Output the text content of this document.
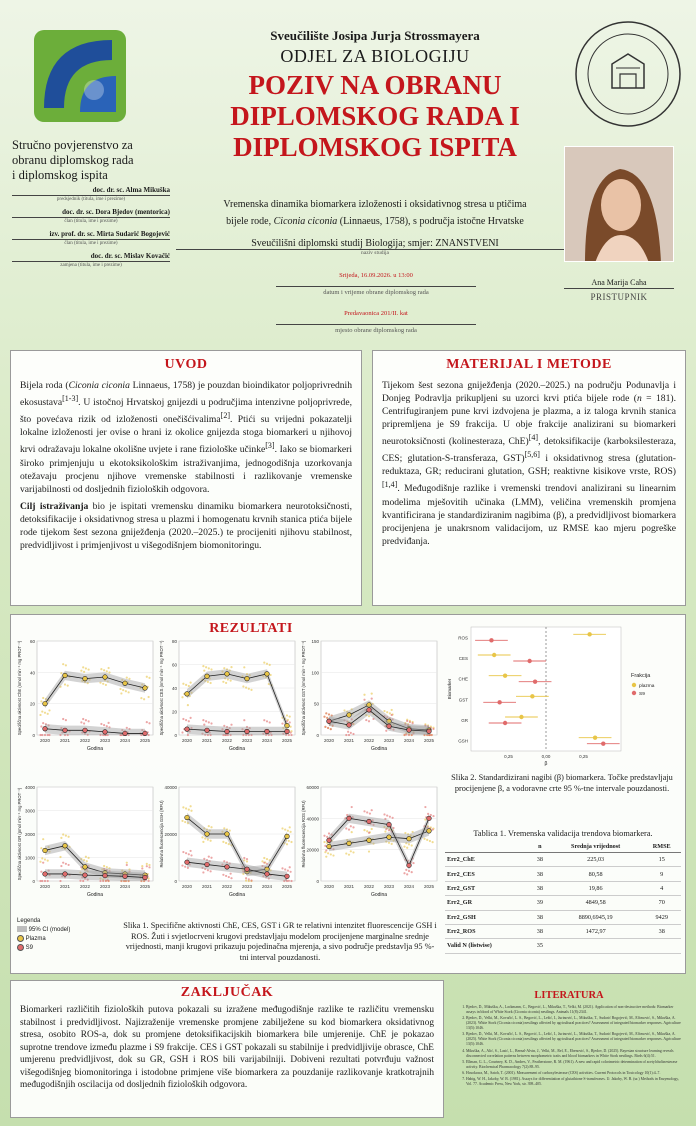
Sveučilište Josipa Jurja Strossmayera
ODJEL ZA BIOLOGIJU
POZIV NA OBRANU
DIPLOMSKOG RADA I
DIPLOMSKOG ISPITA
Stručno povjerenstvo za
obranu diplomskog rada
i diplomskog ispita
doc. dr. sc. Alma Mikuška
predsjednik (titula, ime i prezime)
doc. dr. sc. Dora Bjedov (mentorica)
član (titula, ime i prezime)
izv. prof. dr. sc. Mirta Sudarić Bogojević
član (titula, ime i prezime)
doc. dr. sc. Mislav Kovačić
zamjena (titula, ime i prezime)
Vremenska dinamika biomarkera izloženosti i oksidativnog stresa u ptičima
bijele rode, Ciconia ciconia (Linnaeus, 1758), s područja istočne Hrvatske
Sveučilišni diplomski studij Biologija; smjer: ZNANSTVENI
naziv studija
Srijeda, 16.09.2026. u 13:00
datum i vrijeme obrane diplomskog rada
Predavaonica 201/II. kat
mjesto obrane diplomskog rada
Ana Marija Caha
PRISTUPNIK
UVOD

Bijela roda (Ciconia ciconia Linnaeus, 1758) je pouzdan bioindikator poljoprivrednih ekosustava[1-3]. U istočnoj Hrvatskoj gnijezdi u područjima intenzivne poljoprivrede, što povećava rizik od izloženosti onečišćivalima[2]. Ptići su vrijedni pokazatelji lokalne izloženosti jer ovise o hrani iz okolice gnijezda stoga biomarkeri u njihovoj krvi odražavaju lokalne okolišne uvjete i rane fiziološke učinke[3]. Iako se biomarkeri široko primjenjuju u ekotoksikološkim istraživanjima, jednogodišnja uzorkovanja otežavaju procjenu njihove vremenske stabilnosti i razlikovanje vremenske varijabilnosti od dosljednih fizioloških odgovora.

Cilj istraživanja bio je ispitati vremensku dinamiku biomarkera neurotoksičnosti, detoksifikacije i oksidativnog stresa u plazmi i homogenatu krvnih stanica ptića bijele rode tijekom šest sezona gniježđenja (2020.–2025.) te procijeniti njihovu stabilnost, predvidljivost i primjenjivost u višegodišnjem biomonitoringu.

MATERIJAL I METODE

Tijekom šest sezona gniježđenja (2020.–2025.) na području Podunavlja i Donjeg Podravlja prikupljeni su uzorci krvi ptića bijele rode (n = 181). Centrifugiranjem pune krvi izdvojena je plazma, a iz taloga krvnih stanica pripremljena je S9 frakcija. U obje frakcije analizirani su biomarkeri neurotoksičnosti (kolinesteraza, ChE)[4], detoksifikacije (karboksilesteraza, CES; glutation-S-transferaza, GST)[5,6] i oksidativnog stresa (glutation-reduktaza, GR; reducirani glutation, GSH; reaktivne kisikove vrste, ROS)[1,4]. Međugodišnje razlike i vremenski trendovi analizirani su linearnim modelima mješovitih učinaka (LMM), veličina vremenskih promjena kvantificirana je standardiziranim nagibima (β), a predvidljivost biomarkera procijenjena je unakrsnom validacijom, uz RMSE kao mjeru pogreške predviđanja.

REZULTATI
0
20
40
60
Specifična aktivnost ChE (nmol min⁻¹ mg PROT⁻¹)
2020 2021 2022 2023 2024 2025
Godina
0
20
40
60
80
Specifična aktivnost CES (nmol min⁻¹ mg PROT⁻¹)
2020 2021 2022 2023 2024 2025
Godina
0
50
100
150
Specifična aktivnost GST (nmol min⁻¹ mg PROT⁻¹)
2020 2021 2022 2023 2024 2025
Godina
0
1000
2000
3000
4000
Specifična aktivnost GR (pmol min⁻¹ mg PROT⁻¹)
2020 2021 2022 2023 2024 2025
Godina
0
20000
40000
Relativna fluorescencija GSH (RFU)
2020 2021 2022 2023 2024 2025
Godina
0
20000
40000
60000
Relativna fluorescencija ROS (RFU)
2020 2021 2022 2023 2024 2025
Godina
Legenda
95% CI (model)
Plazma
S9
Slika 1. Specifične aktivnosti ChE, CES, GST i GR te relativni intenzitet fluorescencije GSH i ROS. Žuti i svjetlocrveni krugovi predstavljaju modelom procijenjene marginalne srednje vrijednosti, manji krugovi prikazuju pojedinačna mjerenja, a sivo područje predstavlja 95 %-tni interval pouzdanosti.
ROS
CES
CHE
GST
GR
GSH
0,25	0,00	0,25
β
Biomarker
Frakcija
plazma
S9
Slika 2. Standardizirani nagibi (β) biomarkera. Točke predstavljaju procijenjene β, a vodoravne crte 95 %-tne intervale pouzdanosti.
Tablica 1. Vremenska validacija trendova biomarkera.
	n	Srednja vrijednost	RMSE
Err2_ChE	38	225,03	15
Err2_CES	38	80,58	9
Err2_GST	38	19,86	4
Err2_GR	39	4849,58	70
Err2_GSH	38	8890,6945,19	9429
Err2_ROS	38	1472,97	38
Valid N (listwise)	35		
ZAKLJUČAK

Biomarkeri različitih fizioloških putova pokazali su izražene međugodišnje razlike te različitu vremensku stabilnost i predvidljivost. Najizraženije vremenske promjene zabilježene su kod biomarkera oksidativnog stresa, osobito ROS-a, dok su promjene detoksifikacijskih biomarkera bile umjerenije. ChE je pokazao suprotne trendove između plazme i S9 frakcije. CES i GST pokazali su stabilnije i predvidljivije obrasce, ChE umjerenu predvidljivost, dok su GR, GSH i ROS bili varijabilniji. Dobiveni rezultati potvrđuju važnost višegodišnjeg biomonitoringa i istodobne primjene više biomarkera za pouzdanije razlikovanje kratkotrajnih međugodišnjih oscilacija od dosljednih fizioloških odgovora.

LITERATURA
1. Bjedov, D., Mikuška, A., Lackmann, C., Begović, L., Mikuška, T., Velki, M. (2021). Application of non-destructive methods: Biomarker assays in blood of White Stork (Ciconia ciconia) nestlings. Animals 11(8):2341.
2. Bjedov, D., Velki, M., Kovačić, L. S., Begović, L., Lešić, I., Jurinović, L., Mikuška, T., Sudarić Bogojević, M., Ečimović, S., Mikuška, A. (2023). White Stork (Ciconia ciconia) nestlings affected by agricultural practices? Assessment of integrated biomarker responses. Agriculture 13(5):1046.
3. Bjedov, D., Velki, M., Kovačić, L. S., Begović, L., Lešić, I., Jurinović, L., Mikuška, T., Sudarić Bogojević, M., Ečimović, S., Mikuška, A. (2025). White Stork (Ciconia ciconia) nestlings affected by agricultural practices? Assessment of integrated biomarker responses. Agriculture 13(5):1046.
4. Mikuška, A., Alić, S., Lasić, L., Bernal-Alvin, J., Velki, M., Rel, E., Ebenović, S., Bjedov, D. (2025). Bayesian structure learning reveals disconnected correlation patterns between morphometric traits and blood biomarkers in White Stork nestlings. Birds 6(4):51.
5. Ellman, G. L., Courtney, K. D., Andres, V., Featherstone, R. M. (1961). A new and rapid colorimetric determination of acetylcholinesterase activity. Biochemical Pharmacology 7(2):88–95.
6. Hosokawa, M., Satoh, T. (2001). Measurement of carboxylesterase (CES) activities. Current Protocols in Toxicology 10(1):4–7.
7. Habig, W. H., Jakoby, W. B. (1981). Assays for differentiation of glutathione S-transferases. U: Jakoby, W. B. (ur.) Methods in Enzymology, Vol. 77. Academic Press, New York, str. 398–405.
